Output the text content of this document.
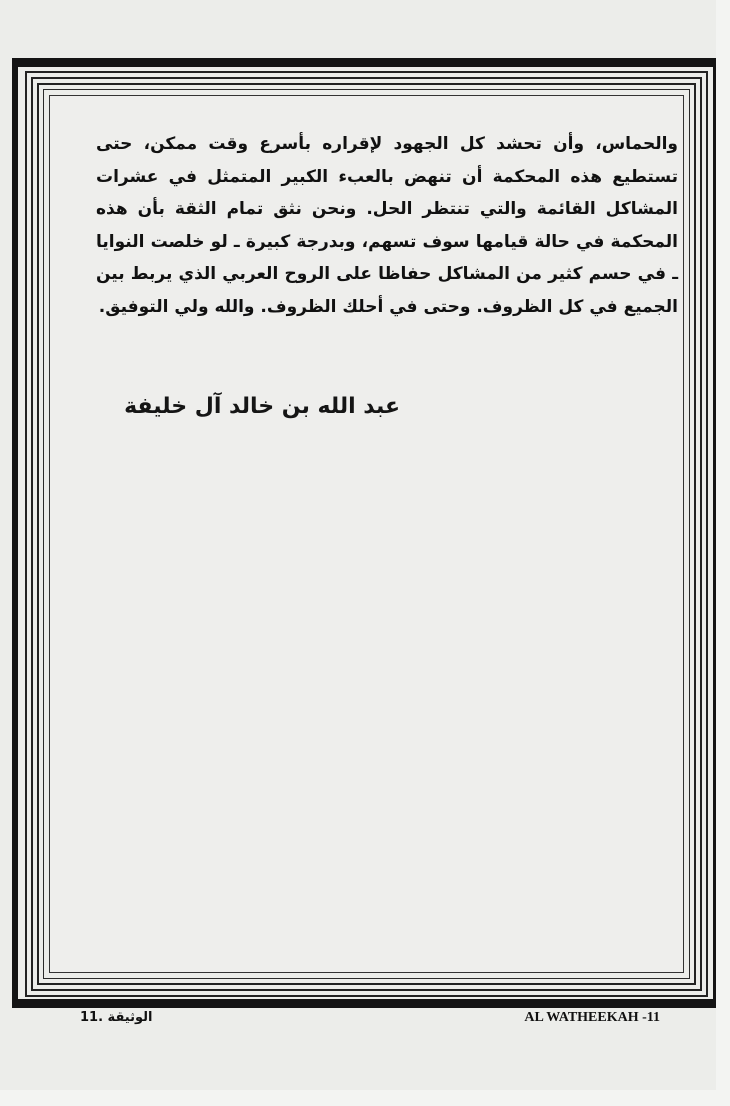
والحماس، وأن تحشد كل الجهود لإقراره بأسرع وقت ممكن، حتى تستطيع هذه المحكمة أن تنهض بالعبء الكبير المتمثل في عشرات المشاكل القائمة والتي تنتظر الحل. ونحن نثق تمام الثقة بأن هذه المحكمة في حالة قيامها سوف تسهم، وبدرجة كبيرة ـ لو خلصت النوايا ـ في حسم كثير من المشاكل حفاظا على الروح العربي الذي يربط بين الجميع في كل الظروف. وحتى في أحلك الظروف. والله ولي التوفيق.

عبد الله بن خالد آل خليفة
الوثيقة .11	AL WATHEEKAH -11
